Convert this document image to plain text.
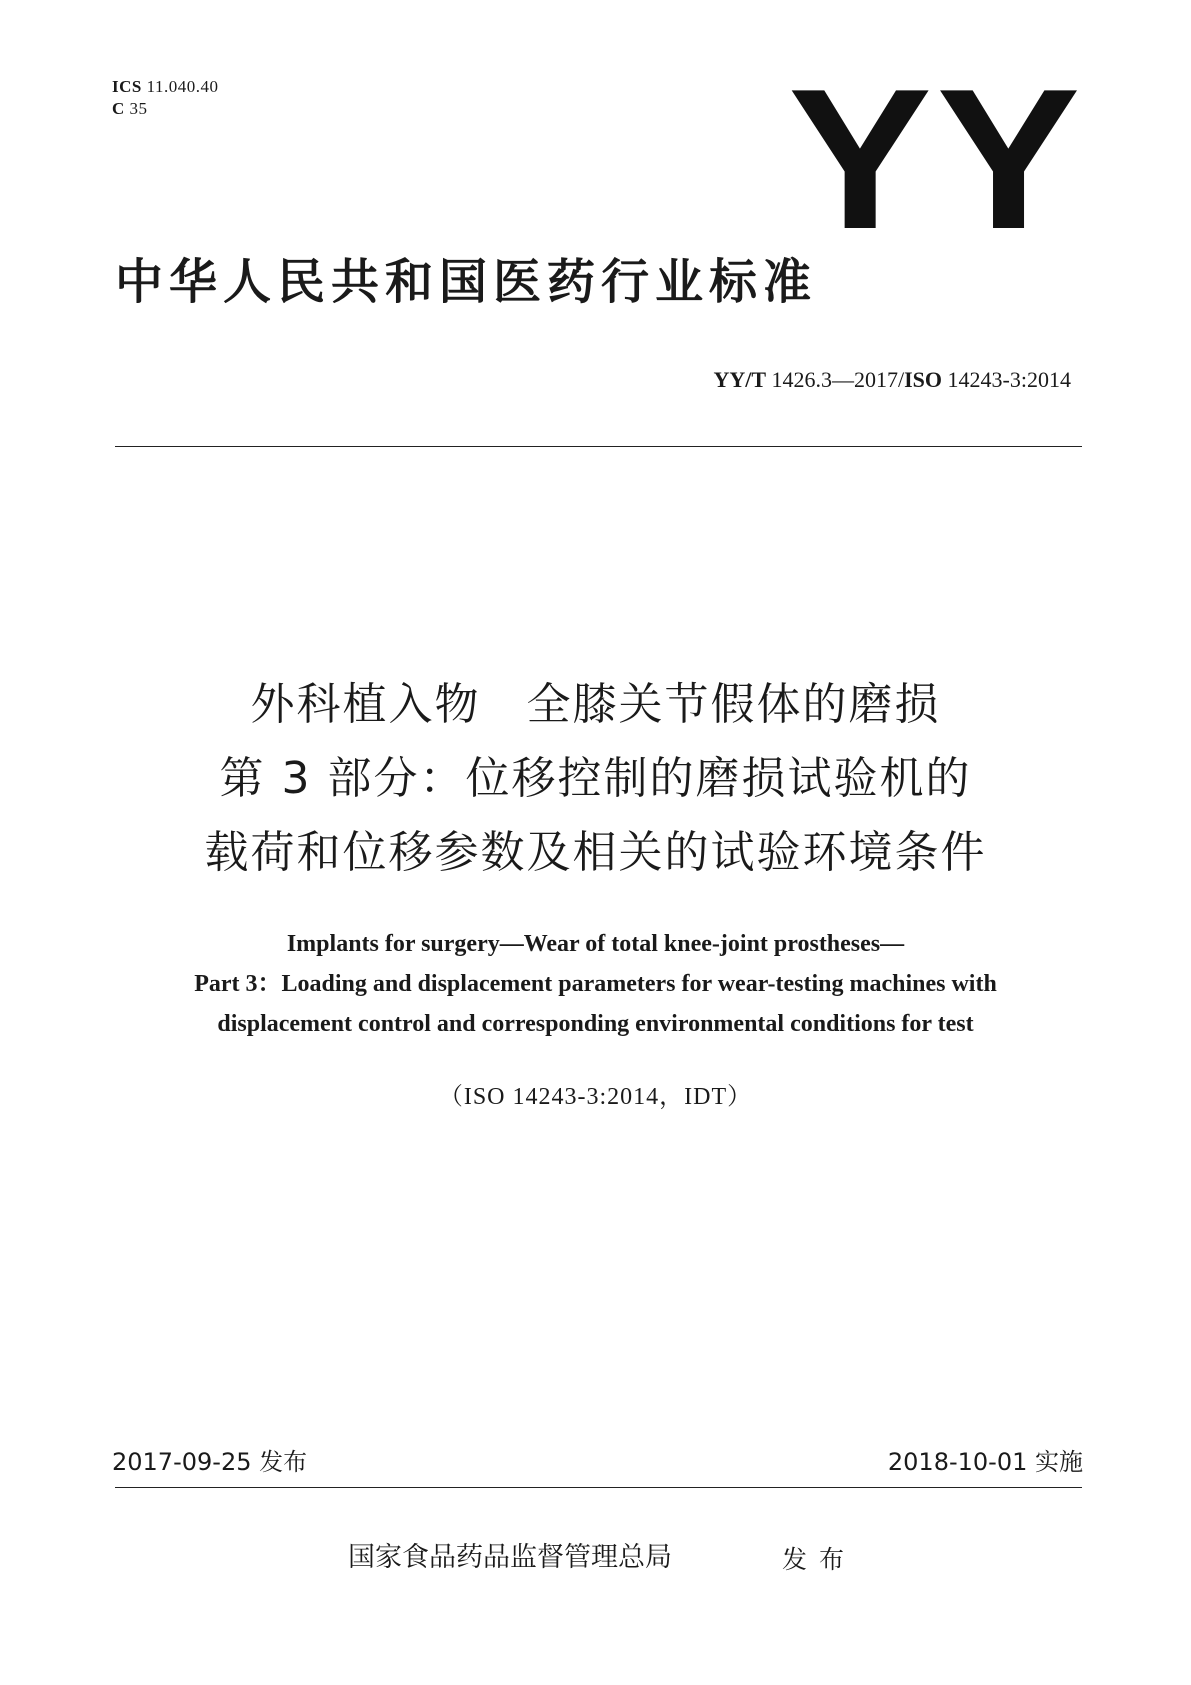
ICS 11.040.40
C 35	YY
中华人民共和国医药行业标准
YY/T 1426.3—2017/ISO 14243-3:2014
外科植入物　全膝关节假体的磨损
第 3 部分：位移控制的磨损试验机的
载荷和位移参数及相关的试验环境条件
Implants for surgery—Wear of total knee-joint prostheses—
Part 3：Loading and displacement parameters for wear-testing machines with
displacement control and corresponding environmental conditions for test
（ISO 14243-3:2014，IDT）
2017-09-25 发布	2018-10-01 实施
国家食品药品监督管理总局	发布
